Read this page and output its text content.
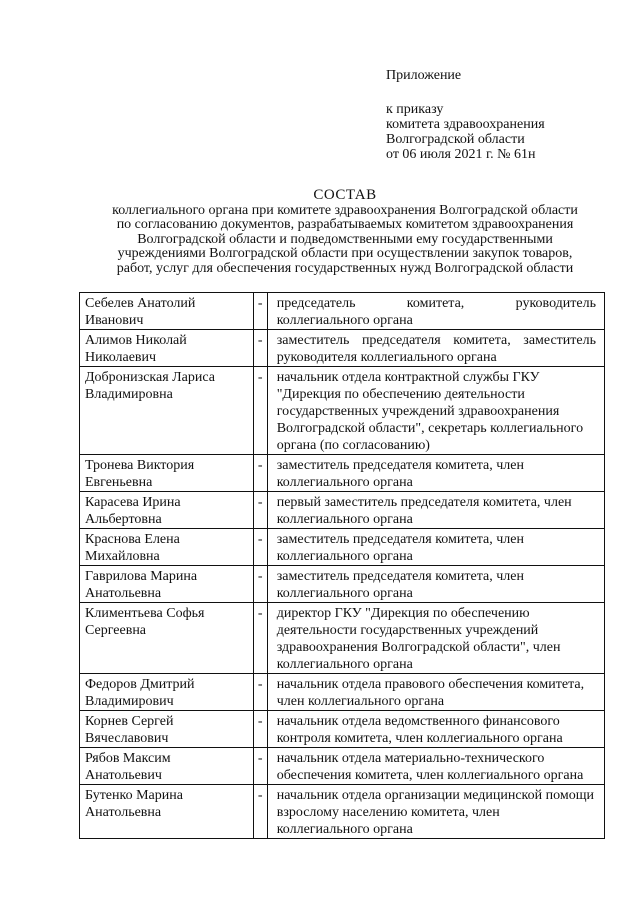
Приложение
к приказу
комитета здравоохранения
Волгоградской области
от 06 июля 2021 г. № 61н
СОСТАВ
коллегиального органа при комитете здравоохранения Волгоградской области
по согласованию документов, разрабатываемых комитетом здравоохранения
Волгоградской области и подведомственными ему государственными
учреждениями Волгоградской области при осуществлении закупок товаров,
работ, услуг для обеспечения государственных нужд Волгоградской области
Себелев Анатолий
Иванович	-	председатель комитета, руководитель коллегиального органа

Алимов Николай
Николаевич	-	заместитель председателя комитета, заместитель руководителя коллегиального органа

Добронизская Лариса
Владимировна	-	начальник отдела контрактной службы ГКУ "Дирекция по обеспечению деятельности государственных учреждений здравоохранения Волгоградской области", секретарь коллегиального органа (по согласованию)

Тронева Виктория
Евгеньевна	-	заместитель председателя комитета, член коллегиального органа

Карасева Ирина
Альбертовна	-	первый заместитель председателя комитета, член коллегиального органа

Краснова Елена
Михайловна	-	заместитель председателя комитета, член коллегиального органа

Гаврилова Марина
Анатольевна	-	заместитель председателя комитета, член коллегиального органа

Климентьева Софья
Сергеевна	-	директор ГКУ "Дирекция по обеспечению деятельности государственных учреждений здравоохранения Волгоградской области", член коллегиального органа

Федоров Дмитрий
Владимирович	-	начальник отдела правового обеспечения комитета, член коллегиального органа

Корнев Сергей
Вячеславович	-	начальник отдела ведомственного финансового контроля комитета, член коллегиального органа

Рябов Максим
Анатольевич	-	начальник отдела материально-технического обеспечения комитета, член коллегиального органа

Бутенко Марина
Анатольевна	-	начальник отдела организации медицинской помощи взрослому населению комитета, член коллегиального органа
